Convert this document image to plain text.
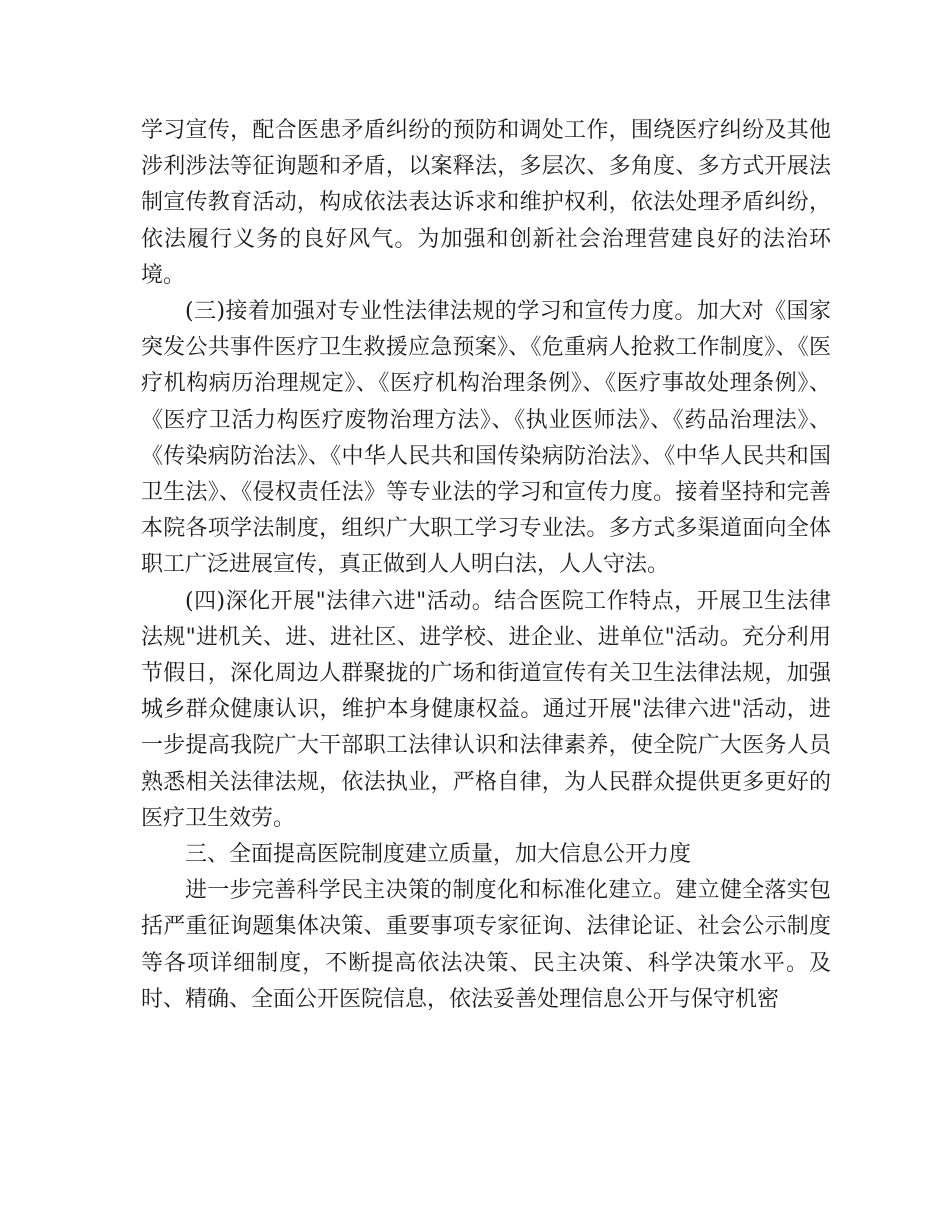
学习宣传，配合医患矛盾纠纷的预防和调处工作，围绕医疗纠纷及其他涉利涉法等征询题和矛盾，以案释法，多层次、多角度、多方式开展法制宣传教育活动，构成依法表达诉求和维护权利，依法处理矛盾纠纷，依法履行义务的良好风气。为加强和创新社会治理营建良好的法治环境。

(三)接着加强对专业性法律法规的学习和宣传力度。加大对《国家突发公共事件医疗卫生救援应急预案》、《危重病人抢救工作制度》、《医疗机构病历治理规定》、《医疗机构治理条例》、《医疗事故处理条例》、《医疗卫活力构医疗废物治理方法》、《执业医师法》、《药品治理法》、《传染病防治法》、《中华人民共和国传染病防治法》、《中华人民共和国卫生法》、《侵权责任法》等专业法的学习和宣传力度。接着坚持和完善本院各项学法制度，组织广大职工学习专业法。多方式多渠道面向全体职工广泛进展宣传，真正做到人人明白法，人人守法。

(四)深化开展"法律六进"活动。结合医院工作特点，开展卫生法律法规"进机关、进、进社区、进学校、进企业、进单位"活动。充分利用节假日，深化周边人群聚拢的广场和街道宣传有关卫生法律法规，加强城乡群众健康认识，维护本身健康权益。通过开展"法律六进"活动，进一步提高我院广大干部职工法律认识和法律素养，使全院广大医务人员熟悉相关法律法规，依法执业，严格自律，为人民群众提供更多更好的医疗卫生效劳。

三、全面提高医院制度建立质量，加大信息公开力度

进一步完善科学民主决策的制度化和标准化建立。建立健全落实包括严重征询题集体决策、重要事项专家征询、法律论证、社会公示制度等各项详细制度，不断提高依法决策、民主决策、科学决策水平。及时、精确、全面公开医院信息，依法妥善处理信息公开与保守机密
